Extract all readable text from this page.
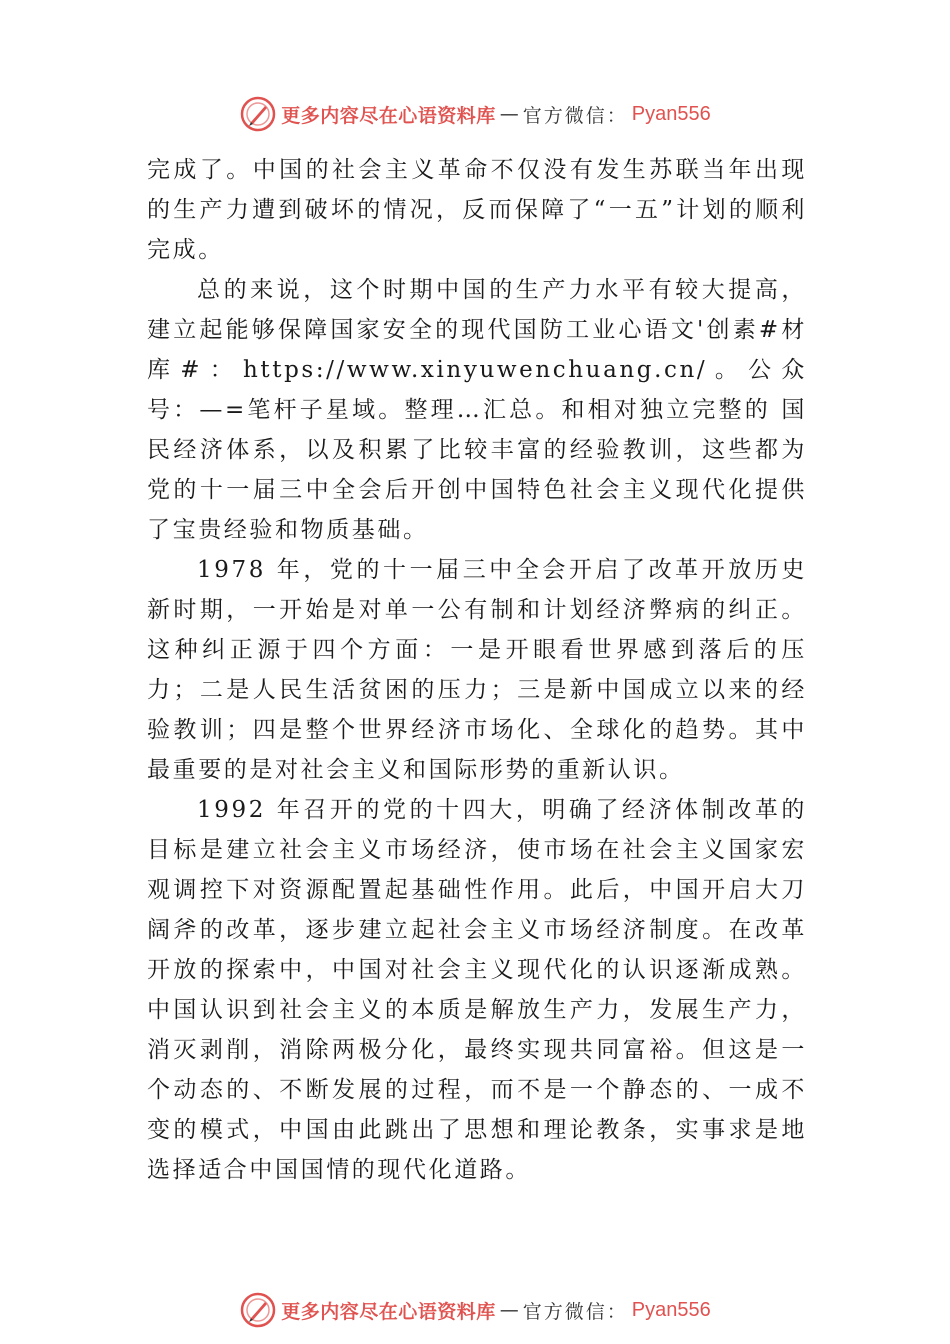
更多内容尽在心语资料库 — 官方微信： Pyan556

完成了。中国的社会主义革命不仅没有发生苏联当年出现的生产力遭到破坏的情况，反而保障了“一五”计划的顺利完成。

总的来说，这个时期中国的生产力水平有较大提高，建立起能够保障国家安全的现代国防工业心语文'创素#材库#：https://www.xinyuwenchuang.cn/。公众号：—=笔杆子星域。整理…汇总。和相对独立完整的 国民经济体系，以及积累了比较丰富的经验教训，这些都为党的十一届三中全会后开创中国特色社会主义现代化提供 了宝贵经验和物质基础。

1978 年，党的十一届三中全会开启了改革开放历史新时期，一开始是对单一公有制和计划经济弊病的纠正。这种纠正源于四个方面：一是开眼看世界感到落后的压力；二是人民生活贫困的压力；三是新中国成立以来的经验教训；四是整个世界经济市场化、全球化的趋势。其中最重要的是对社会主义和国际形势的重新认识。

1992 年召开的党的十四大，明确了经济体制改革的目标是建立社会主义市场经济，使市场在社会主义国家宏观调控下对资源配置起基础性作用。此后，中国开启大刀阔斧的改革，逐步建立起社会主义市场经济制度。在改革开放的探索中，中国对社会主义现代化的认识逐渐成熟。中国认识到社会主义的本质是解放生产力，发展生产力，消灭剥削，消除两极分化，最终实现共同富裕。但这是一个动态的、不断发展的过程，而不是一个静态的、一成不变的模式，中国由此跳出了思想和理论教条，实事求是地选择适合中国国情的现代化道路。

更多内容尽在心语资料库 — 官方微信： Pyan556
